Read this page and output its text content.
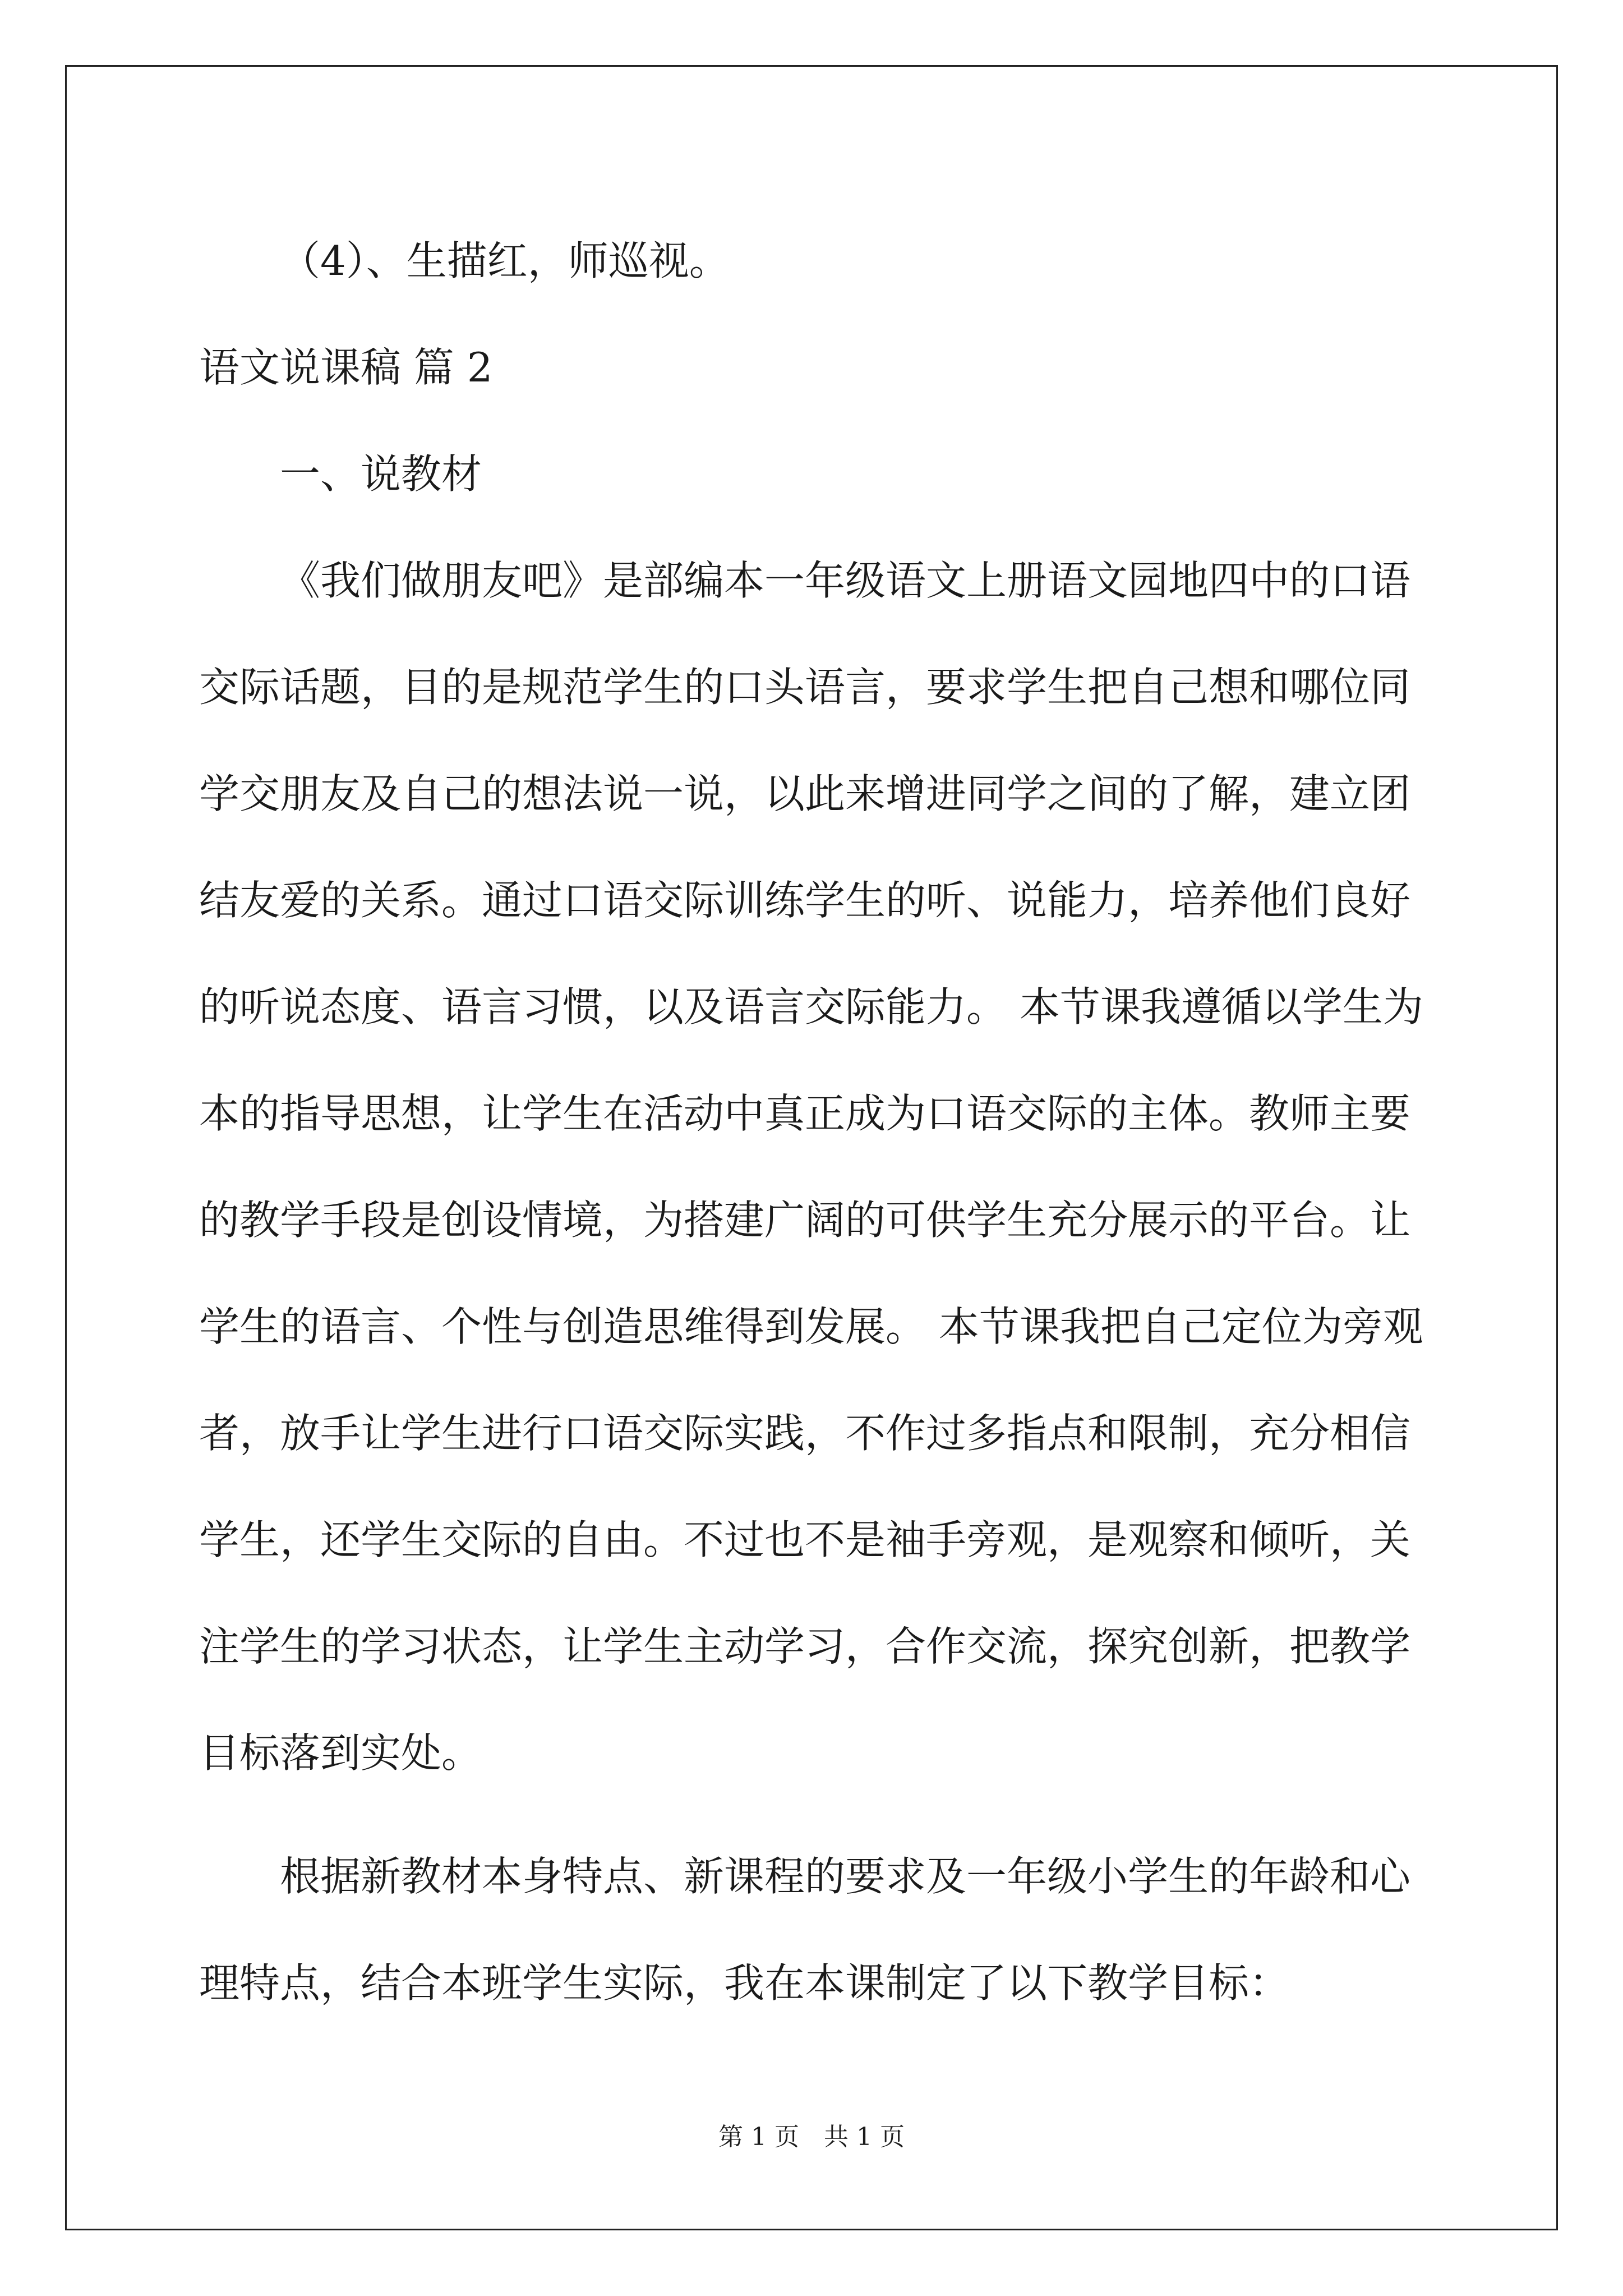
（4）、生描红，师巡视。
语文说课稿 篇 2
一、说教材
《我们做朋友吧》是部编本一年级语文上册语文园地四中的口语交际话题，目的是规范学生的口头语言，要求学生把自己想和哪位同学交朋友及自己的想法说一说，以此来增进同学之间的了解，建立团结友爱的关系。通过口语交际训练学生的听、说能力，培养他们良好的听说态度、语言习惯，以及语言交际能力。 本节课我遵循以学生为本的指导思想，让学生在活动中真正成为口语交际的主体。教师主要的教学手段是创设情境，为搭建广阔的可供学生充分展示的平台。让学生的语言、个性与创造思维得到发展。 本节课我把自己定位为旁观者，放手让学生进行口语交际实践，不作过多指点和限制，充分相信学生，还学生交际的自由。不过也不是袖手旁观，是观察和倾听，关注学生的学习状态，让学生主动学习，合作交流，探究创新，把教学目标落到实处。
根据新教材本身特点、新课程的要求及一年级小学生的年龄和心理特点，结合本班学生实际，我在本课制定了以下教学目标：
第 1 页　共 1 页
